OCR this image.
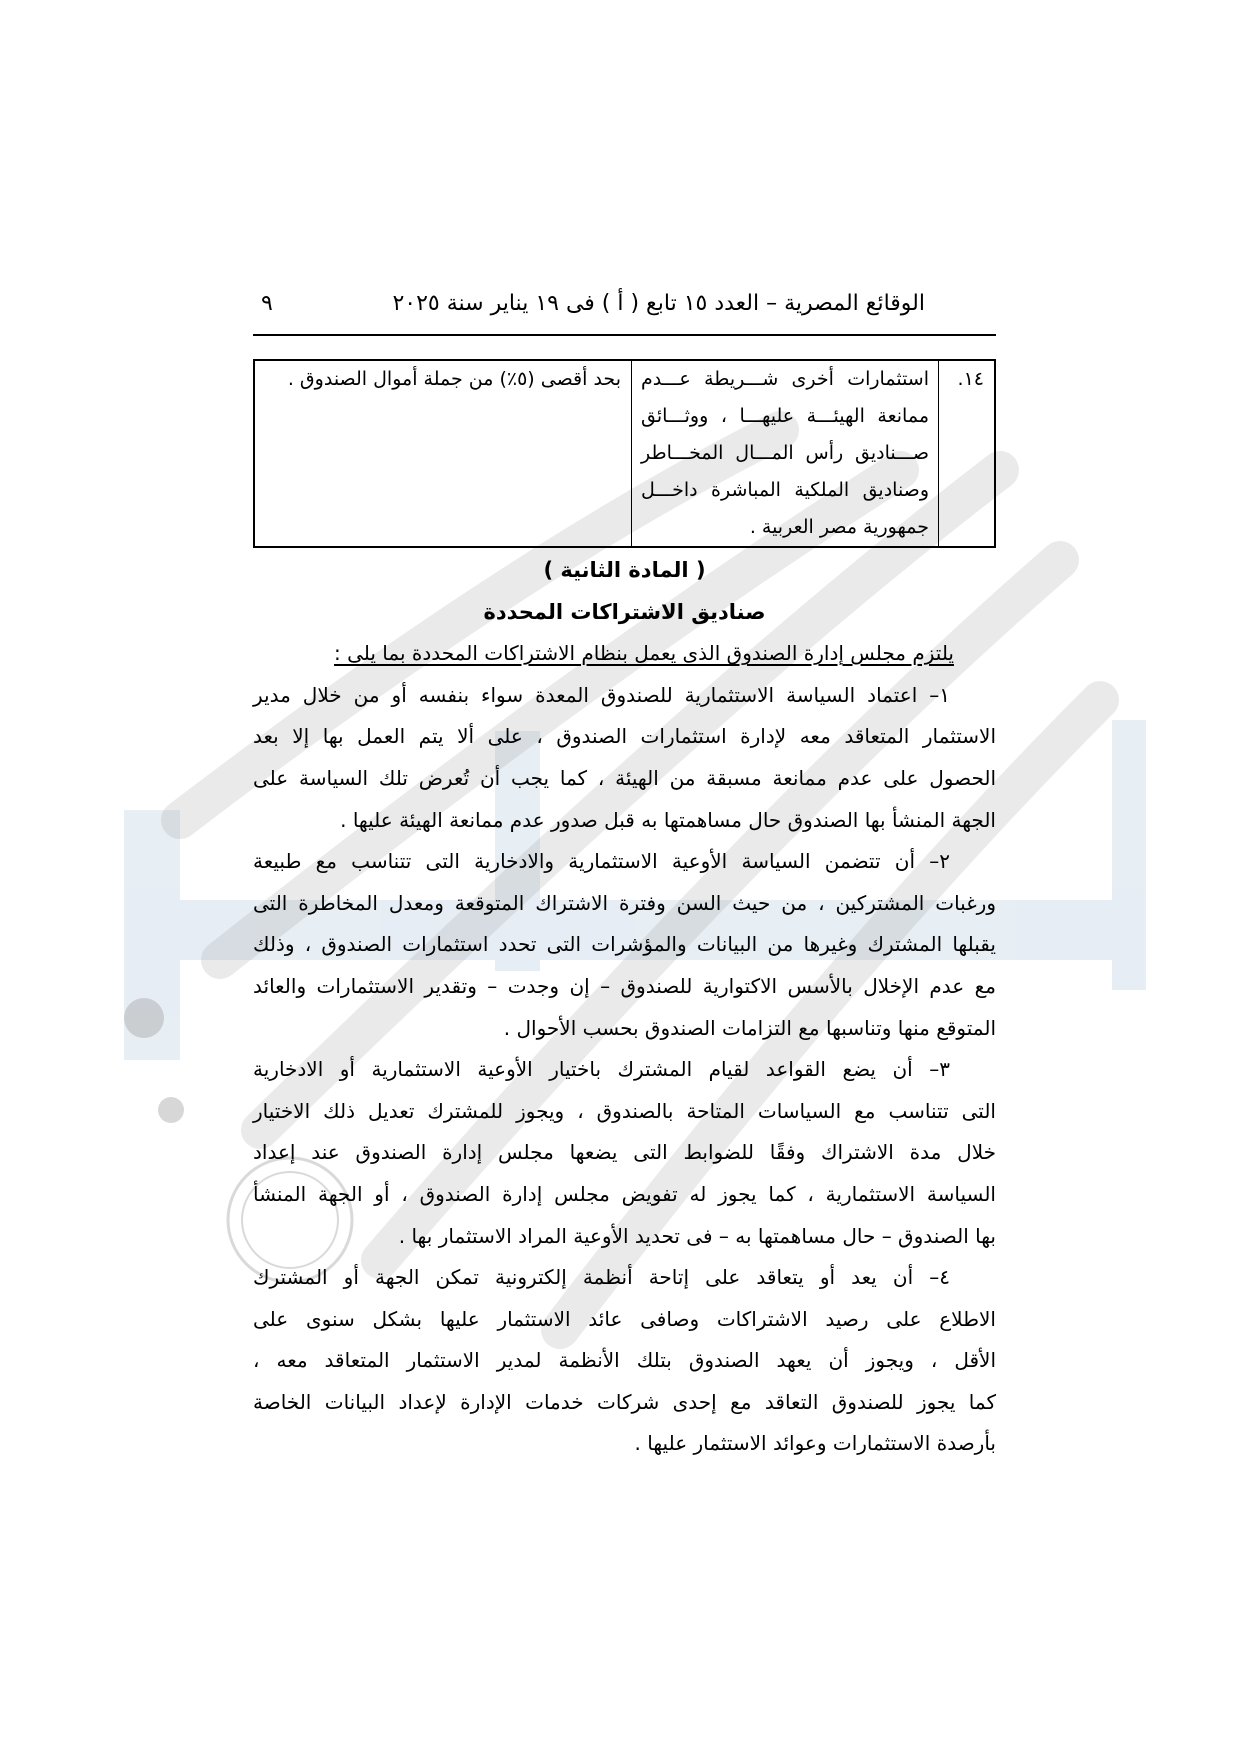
الوقائع المصرية – العدد ١٥ تابع ( أ ) فى ١٩ يناير سنة ٢٠٢٥
٩
١٤.
استثمارات أخرى شـــريطة عـــدم
ممانعة الهيئـــة عليهـــا ، ووثـــائق
صـــناديق رأس المـــال المخـــاطر
وصناديق الملكية المباشرة داخـــل
جمهورية مصر العربية .
بحد أقصى (٥٪) من جملة أموال الصندوق .
( المادة الثانية )
صناديق الاشتراكات المحددة
يلتزم مجلس إدارة الصندوق الذى يعمل بنظام الاشتراكات المحددة بما يلى :
١– اعتماد السياسة الاستثمارية للصندوق المعدة سواء بنفسه أو من خلال مدير
الاستثمار المتعاقد معه لإدارة استثمارات الصندوق ، على ألا يتم العمل بها إلا بعد
الحصول على عدم ممانعة مسبقة من الهيئة ، كما يجب أن تُعرض تلك السياسة على
الجهة المنشأ بها الصندوق حال مساهمتها به قبل صدور عدم ممانعة الهيئة عليها .
٢– أن تتضمن السياسة الأوعية الاستثمارية والادخارية التى تتناسب مع طبيعة
ورغبات المشتركين ، من حيث السن وفترة الاشتراك المتوقعة ومعدل المخاطرة التى
يقبلها المشترك وغيرها من البيانات والمؤشرات التى تحدد استثمارات الصندوق ، وذلك
مع عدم الإخلال بالأسس الاكتوارية للصندوق – إن وجدت – وتقدير الاستثمارات والعائد
المتوقع منها وتناسبها مع التزامات الصندوق بحسب الأحوال .
٣– أن يضع القواعد لقيام المشترك باختيار الأوعية الاستثمارية أو الادخارية
التى تتناسب مع السياسات المتاحة بالصندوق ، ويجوز للمشترك تعديل ذلك الاختيار
خلال مدة الاشتراك وفقًا للضوابط التى يضعها مجلس إدارة الصندوق عند إعداد
السياسة الاستثمارية ، كما يجوز له تفويض مجلس إدارة الصندوق ، أو الجهة المنشأ
بها الصندوق – حال مساهمتها به – فى تحديد الأوعية المراد الاستثمار بها .
٤– أن يعد أو يتعاقد على إتاحة أنظمة إلكترونية تمكن الجهة أو المشترك
الاطلاع على رصيد الاشتراكات وصافى عائد الاستثمار عليها بشكل سنوى على
الأقل ، ويجوز أن يعهد الصندوق بتلك الأنظمة لمدير الاستثمار المتعاقد معه ،
كما يجوز للصندوق التعاقد مع إحدى شركات خدمات الإدارة لإعداد البيانات الخاصة
بأرصدة الاستثمارات وعوائد الاستثمار عليها .
